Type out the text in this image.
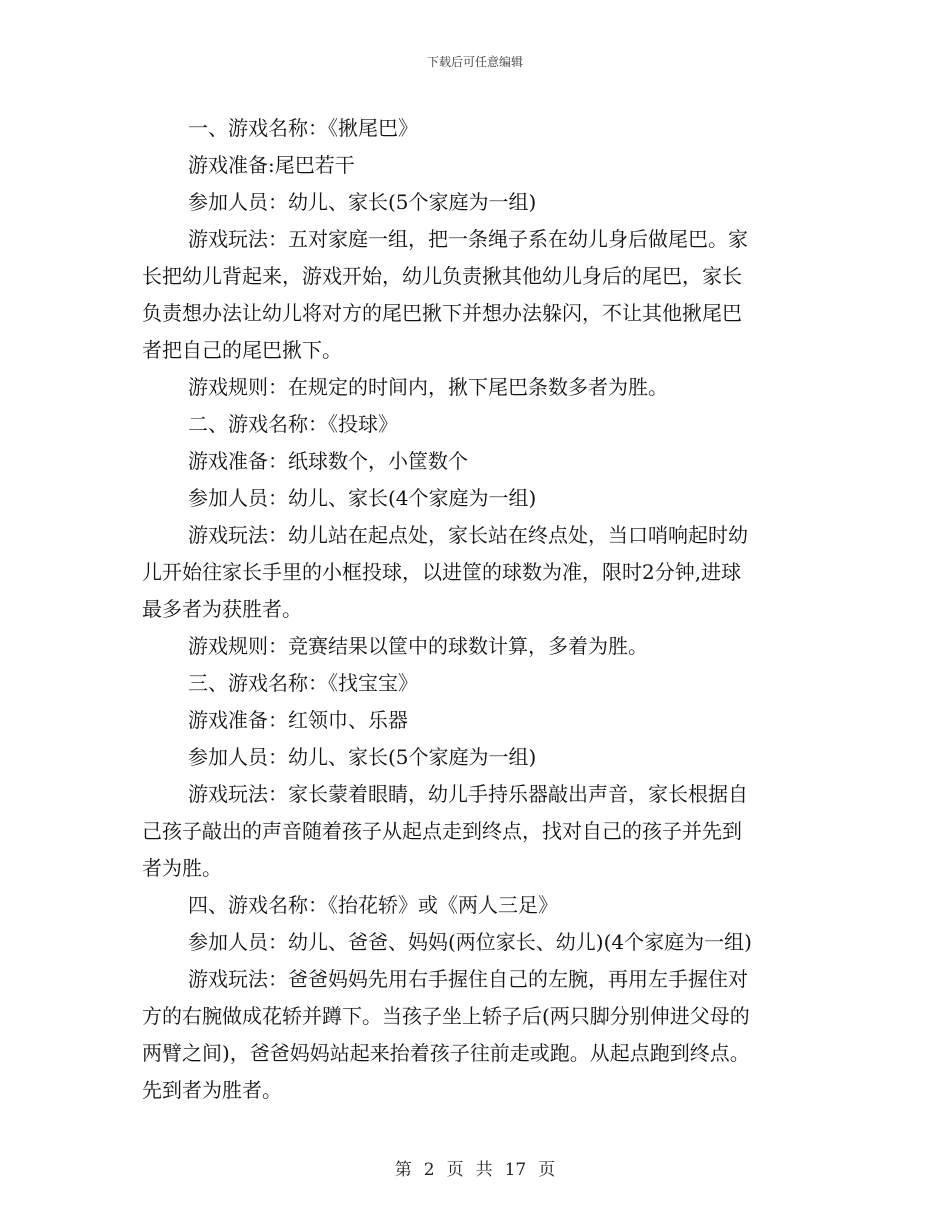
下载后可任意编辑
一、游戏名称：《揪尾巴》
游戏准备:尾巴若干
参加人员：幼儿、家长(5个家庭为一组)
游戏玩法：五对家庭一组，把一条绳子系在幼儿身后做尾巴。家
长把幼儿背起来，游戏开始，幼儿负责揪其他幼儿身后的尾巴，家长
负责想办法让幼儿将对方的尾巴揪下并想办法躲闪，不让其他揪尾巴
者把自己的尾巴揪下。
游戏规则：在规定的时间内，揪下尾巴条数多者为胜。
二、游戏名称：《投球》
游戏准备：纸球数个，小筐数个
参加人员：幼儿、家长(4个家庭为一组)
游戏玩法：幼儿站在起点处，家长站在终点处，当口哨响起时幼
儿开始往家长手里的小框投球，以进筐的球数为准，限时2分钟,进球
最多者为获胜者。
游戏规则：竞赛结果以筐中的球数计算，多着为胜。
三、游戏名称：《找宝宝》
游戏准备：红领巾、乐器
参加人员：幼儿、家长(5个家庭为一组)
游戏玩法：家长蒙着眼睛，幼儿手持乐器敲出声音，家长根据自
己孩子敲出的声音随着孩子从起点走到终点，找对自己的孩子并先到
者为胜。
四、游戏名称：《抬花轿》或《两人三足》
参加人员：幼儿、爸爸、妈妈(两位家长、幼儿)(4个家庭为一组)
游戏玩法：爸爸妈妈先用右手握住自己的左腕，再用左手握住对
方的右腕做成花轿并蹲下。当孩子坐上轿子后(两只脚分别伸进父母的
两臂之间)，爸爸妈妈站起来抬着孩子往前走或跑。从起点跑到终点。
先到者为胜者。
第 2 页 共 17 页
